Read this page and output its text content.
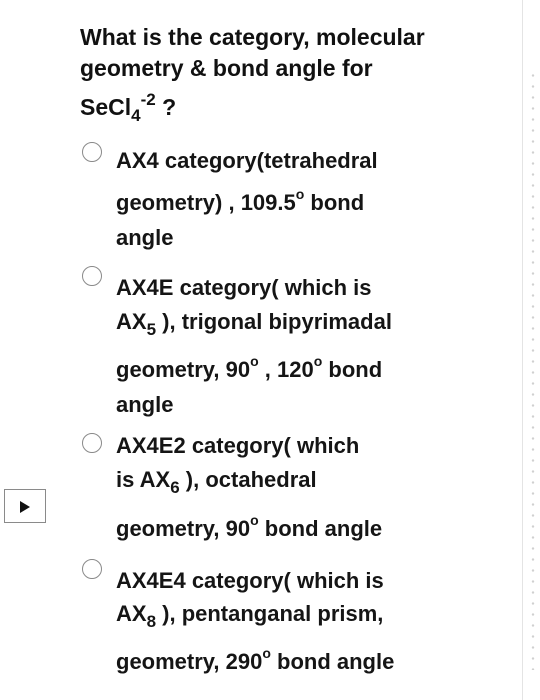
What is the category, molecular
geometry & bond angle for
SeCl$_4^{-2}$ ?
AX4 category(tetrahedral
geometry) , 109.5$^o$ bond
angle
AX4E category( which is
$AX_5$ ), trigonal bipyrimadal
geometry, 90$^o$ , 120$^o$ bond
angle
AX4E2 category( which
is $AX_6$ ), octahedral
geometry, 90$^o$ bond angle
AX4E4 category( which is
$AX_8$ ), pentanganal prism,
geometry, 290$^o$ bond angle
